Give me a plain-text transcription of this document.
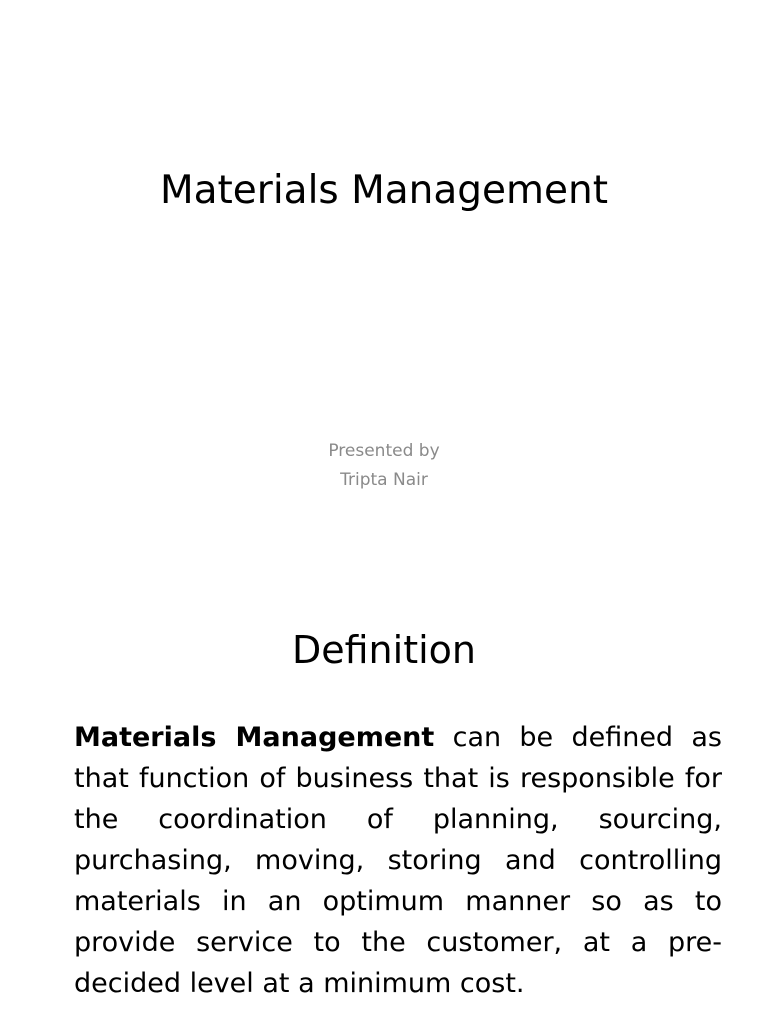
Materials Management
Presented by
Tripta Nair
Definition

Materials Management can be defined as that function of business that is responsible for the coordination of planning, sourcing, purchasing, moving, storing and controlling materials in an optimum manner so as to provide service to the customer, at a pre-decided level at a minimum cost.
